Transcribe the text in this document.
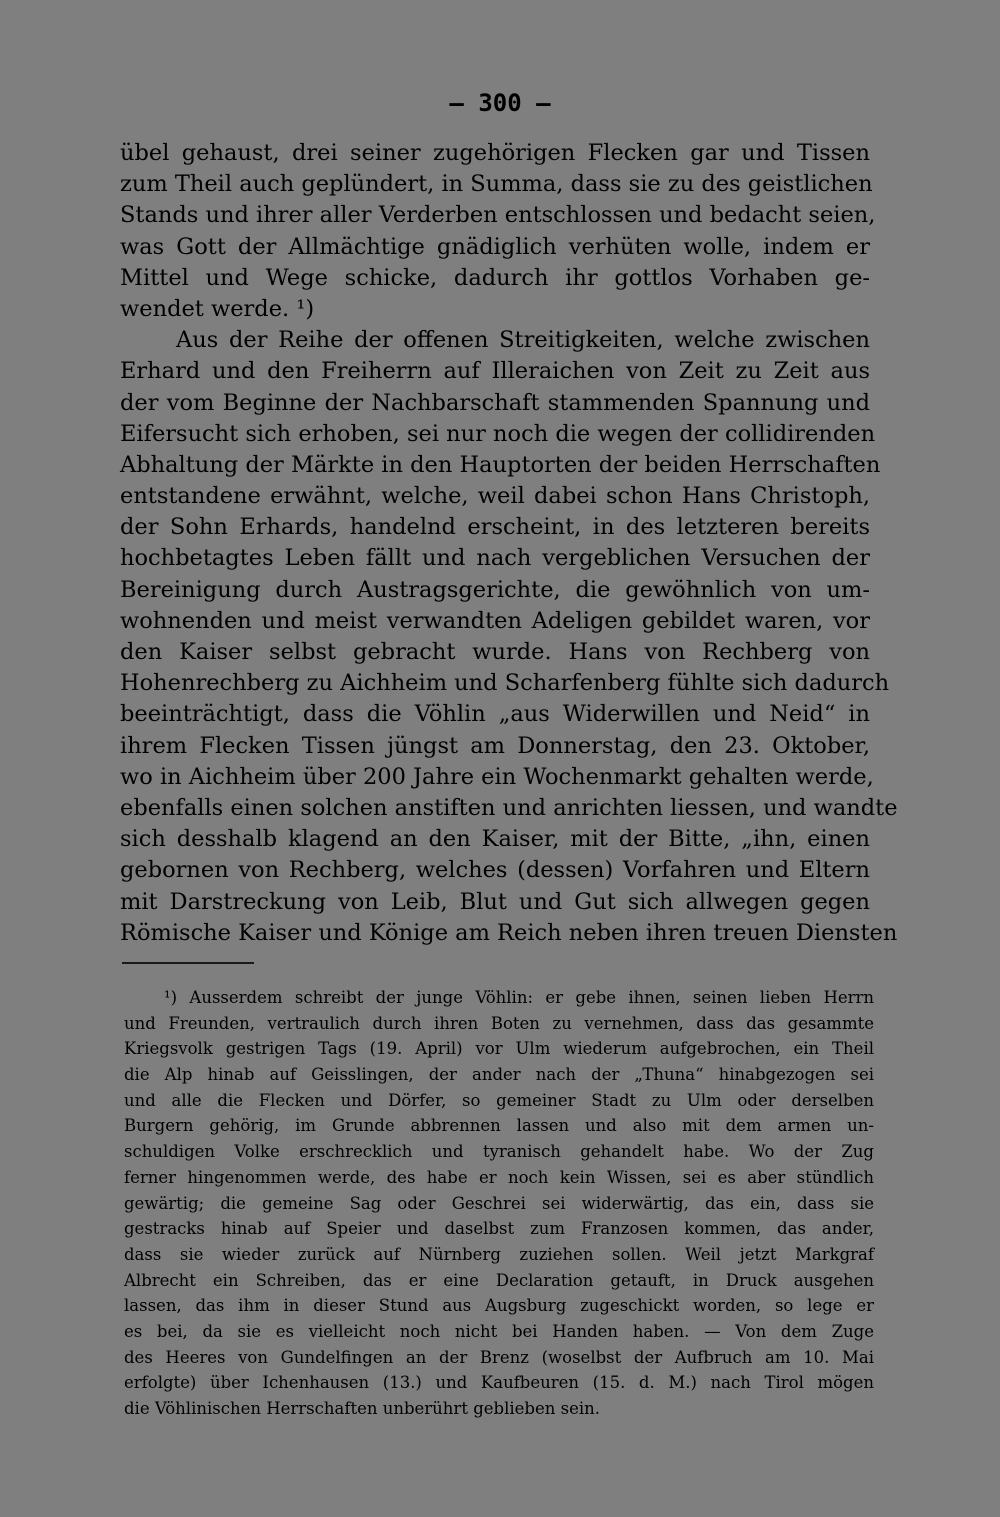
— 300 —
übel gehaust, drei seiner zugehörigen Flecken gar und Tissen
zum Theil auch geplündert, in Summa, dass sie zu des geistlichen
Stands und ihrer aller Verderben entschlossen und bedacht seien,
was Gott der Allmächtige gnädiglich verhüten wolle, indem er
Mittel und Wege schicke, dadurch ihr gottlos Vorhaben ge-
wendet werde. ¹)
Aus der Reihe der offenen Streitigkeiten, welche zwischen
Erhard und den Freiherrn auf Illeraichen von Zeit zu Zeit aus
der vom Beginne der Nachbarschaft stammenden Spannung und
Eifersucht sich erhoben, sei nur noch die wegen der collidirenden
Abhaltung der Märkte in den Hauptorten der beiden Herrschaften
entstandene erwähnt, welche, weil dabei schon Hans Christoph,
der Sohn Erhards, handelnd erscheint, in des letzteren bereits
hochbetagtes Leben fällt und nach vergeblichen Versuchen der
Bereinigung durch Austragsgerichte, die gewöhnlich von um-
wohnenden und meist verwandten Adeligen gebildet waren, vor
den Kaiser selbst gebracht wurde. Hans von Rechberg von
Hohenrechberg zu Aichheim und Scharfenberg fühlte sich dadurch
beeinträchtigt, dass die Vöhlin „aus Widerwillen und Neid“ in
ihrem Flecken Tissen jüngst am Donnerstag, den 23. Oktober,
wo in Aichheim über 200 Jahre ein Wochenmarkt gehalten werde,
ebenfalls einen solchen anstiften und anrichten liessen, und wandte
sich desshalb klagend an den Kaiser, mit der Bitte, „ihn, einen
gebornen von Rechberg, welches (dessen) Vorfahren und Eltern
mit Darstreckung von Leib, Blut und Gut sich allwegen gegen
Römische Kaiser und Könige am Reich neben ihren treuen Diensten
¹) Ausserdem schreibt der junge Vöhlin: er gebe ihnen, seinen lieben Herrn
und Freunden, vertraulich durch ihren Boten zu vernehmen, dass das gesammte
Kriegsvolk gestrigen Tags (19. April) vor Ulm wiederum aufgebrochen, ein Theil
die Alp hinab auf Geisslingen, der ander nach der „Thuna“ hinabgezogen sei
und alle die Flecken und Dörfer, so gemeiner Stadt zu Ulm oder derselben
Burgern gehörig, im Grunde abbrennen lassen und also mit dem armen un-
schuldigen Volke erschrecklich und tyranisch gehandelt habe. Wo der Zug
ferner hingenommen werde, des habe er noch kein Wissen, sei es aber stündlich
gewärtig; die gemeine Sag oder Geschrei sei widerwärtig, das ein, dass sie
gestracks hinab auf Speier und daselbst zum Franzosen kommen, das ander,
dass sie wieder zurück auf Nürnberg zuziehen sollen. Weil jetzt Markgraf
Albrecht ein Schreiben, das er eine Declaration getauft, in Druck ausgehen
lassen, das ihm in dieser Stund aus Augsburg zugeschickt worden, so lege er
es bei, da sie es vielleicht noch nicht bei Handen haben. — Von dem Zuge
des Heeres von Gundelfingen an der Brenz (woselbst der Aufbruch am 10. Mai
erfolgte) über Ichenhausen (13.) und Kaufbeuren (15. d. M.) nach Tirol mögen
die Vöhlinischen Herrschaften unberührt geblieben sein.
